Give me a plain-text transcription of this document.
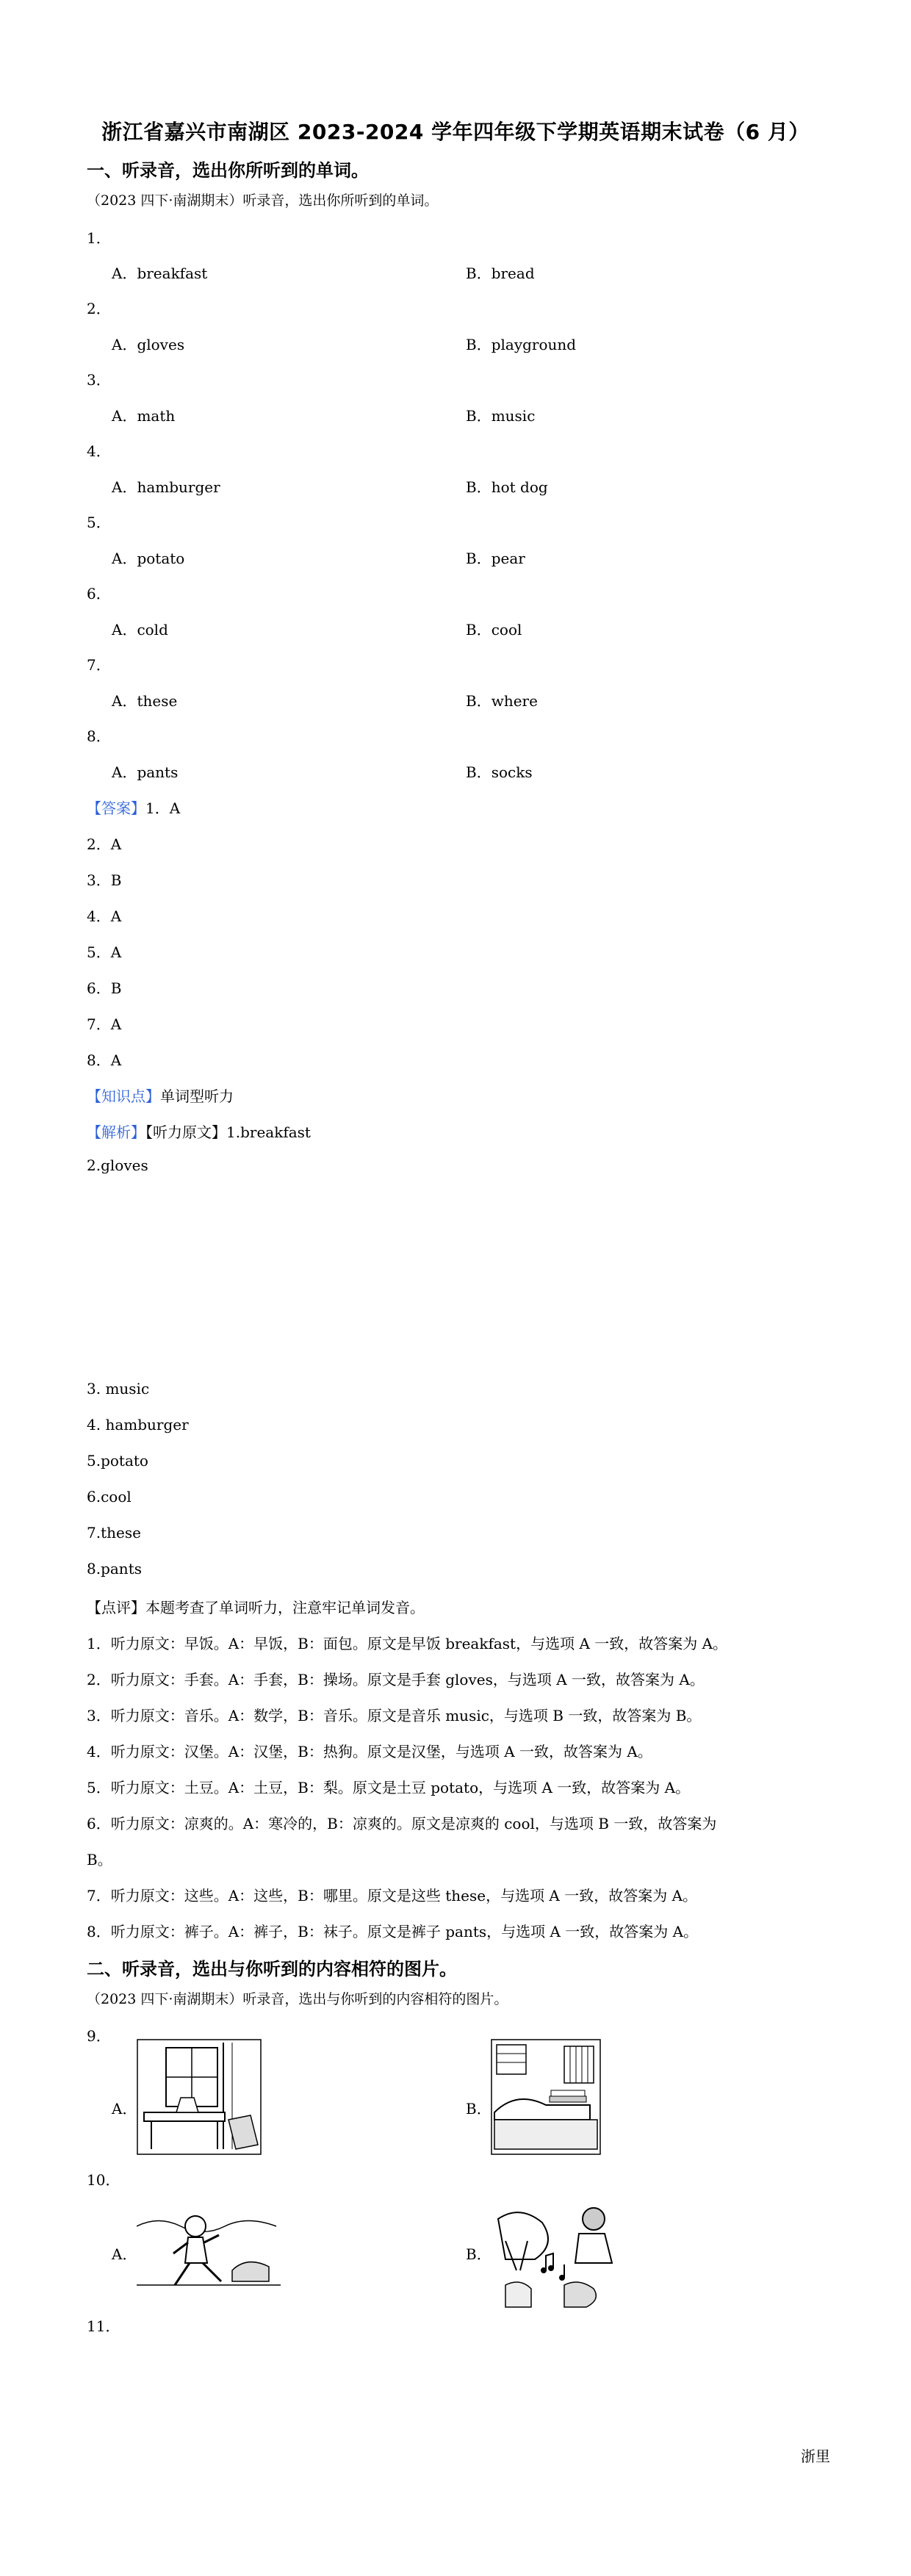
浙江省嘉兴市南湖区 2023-2024 学年四年级下学期英语期末试卷（6 月）
一、听录音，选出你所听到的单词。
（2023 四下·南湖期末）听录音，选出你所听到的单词。
1．
A．breakfast	B．bread
2．
A．gloves	B．playground
3．
A．math	B．music
4．
A．hamburger	B．hot dog
5．
A．potato	B．pear
6．
A．cold	B．cool
7．
A．these	B．where
8．
A．pants	B．socks
【答案】1．A
2．A
3．B
4．A
5．A
6．B
7．A
8．A
【知识点】单词型听力
【解析】【听力原文】1.breakfast
2.gloves
3. music
4. hamburger
5.potato
6.cool
7.these
8.pants
【点评】本题考查了单词听力，注意牢记单词发音。
1．听力原文：早饭。A：早饭，B：面包。原文是早饭 breakfast，与选项 A 一致，故答案为 A。
2．听力原文：手套。A：手套，B：操场。原文是手套 gloves，与选项 A 一致，故答案为 A。
3．听力原文：音乐。A：数学，B：音乐。原文是音乐 music，与选项 B 一致，故答案为 B。
4．听力原文：汉堡。A：汉堡，B：热狗。原文是汉堡，与选项 A 一致，故答案为 A。
5．听力原文：土豆。A：土豆，B：梨。原文是土豆 potato，与选项 A 一致，故答案为 A。
6．听力原文：凉爽的。A：寒冷的，B：凉爽的。原文是凉爽的 cool，与选项 B 一致，故答案为
B。
7．听力原文：这些。A：这些，B：哪里。原文是这些 these，与选项 A 一致，故答案为 A。
8．听力原文：裤子。A：裤子，B：袜子。原文是裤子 pants，与选项 A 一致，故答案为 A。
二、听录音，选出与你听到的内容相符的图片。
（2023 四下·南湖期末）听录音，选出与你听到的内容相符的图片。
9．
A．	B．
10．
A．	B．
11．
浙里
